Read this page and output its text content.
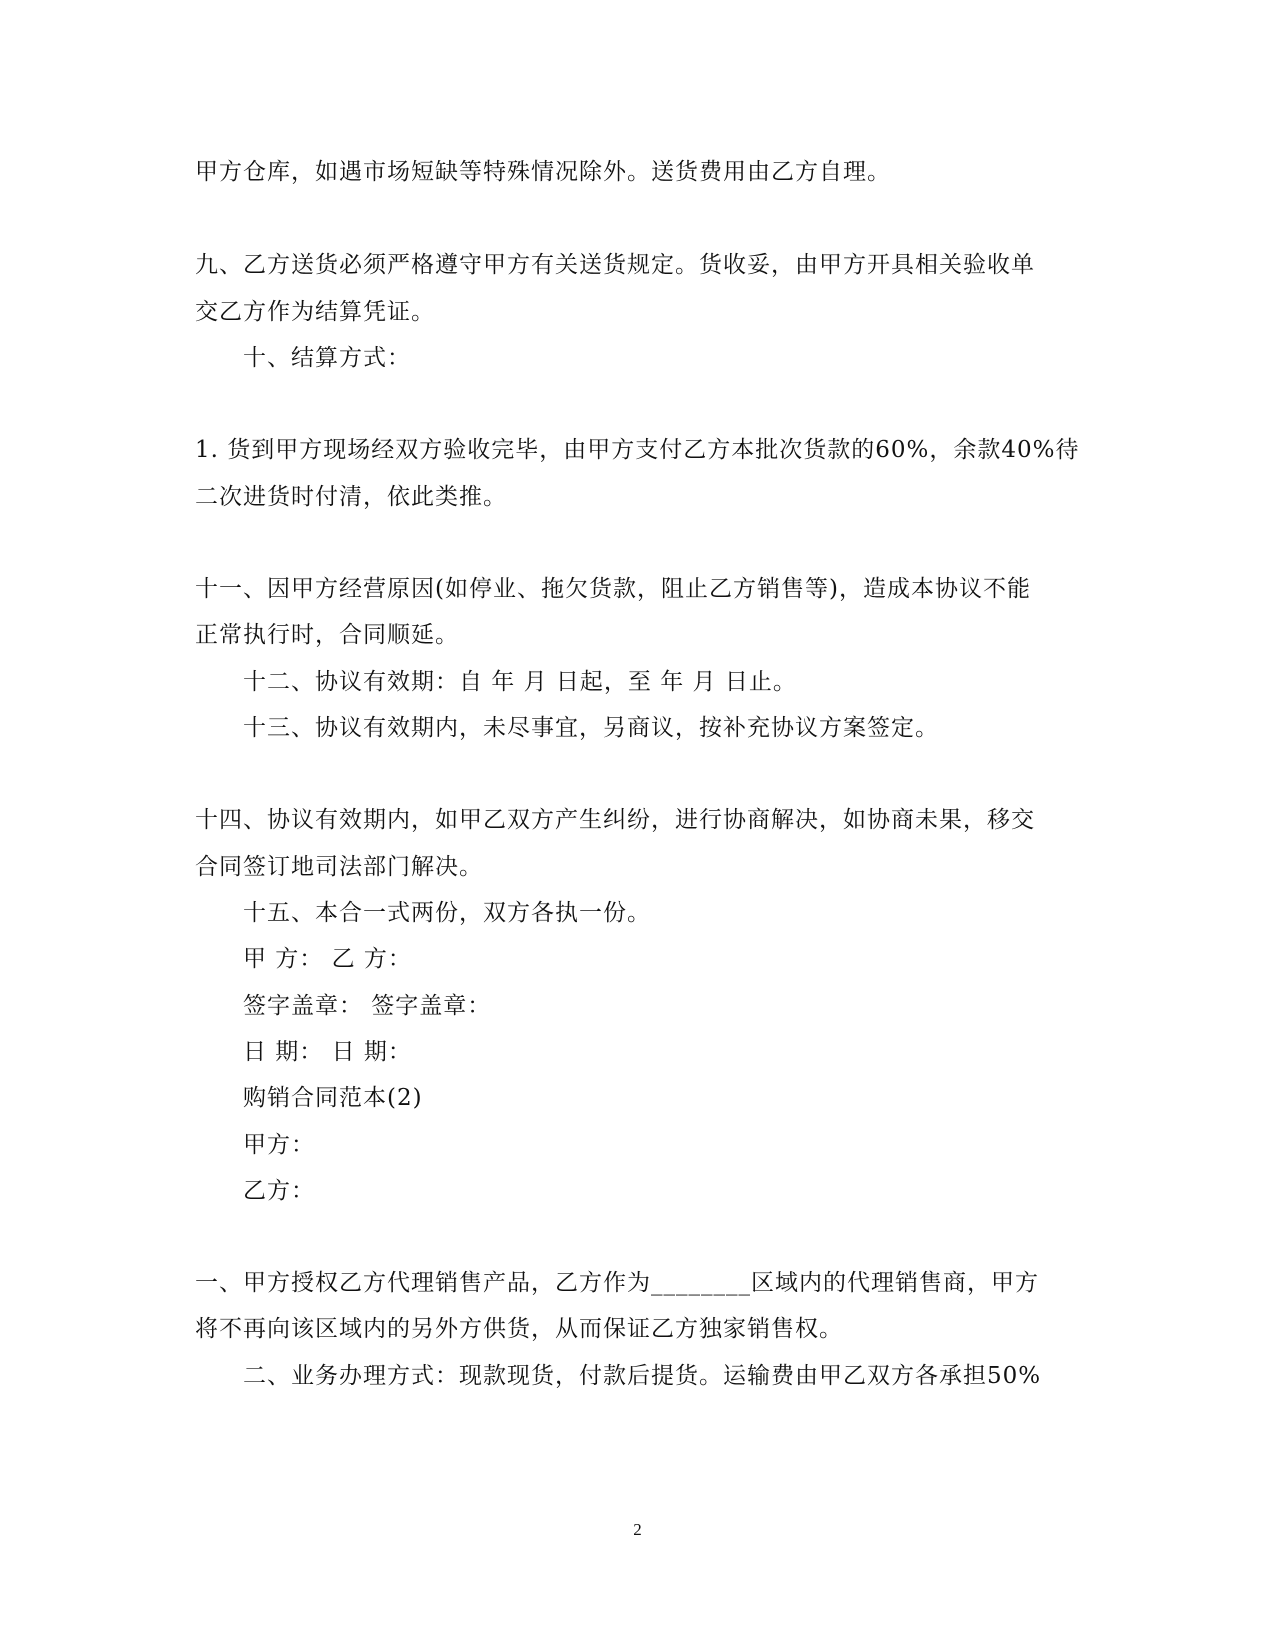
甲方仓库，如遇市场短缺等特殊情况除外。送货费用由乙方自理。
九、乙方送货必须严格遵守甲方有关送货规定。货收妥，由甲方开具相关验收单
交乙方作为结算凭证。
十、结算方式：
1. 货到甲方现场经双方验收完毕，由甲方支付乙方本批次货款的60%，余款40%待
二次进货时付清，依此类推。
十一、因甲方经营原因(如停业、拖欠货款，阻止乙方销售等)，造成本协议不能
正常执行时，合同顺延。
十二、协议有效期：自 年 月 日起，至 年 月 日止。
十三、协议有效期内，未尽事宜，另商议，按补充协议方案签定。
十四、协议有效期内，如甲乙双方产生纠纷，进行协商解决，如协商未果，移交
合同签订地司法部门解决。
十五、本合一式两份，双方各执一份。
甲 方： 乙 方：
签字盖章： 签字盖章：
日 期： 日 期：
购销合同范本(2)
甲方：
乙方：
一、甲方授权乙方代理销售产品，乙方作为________区域内的代理销售商，甲方
将不再向该区域内的另外方供货，从而保证乙方独家销售权。
二、业务办理方式：现款现货，付款后提货。运输费由甲乙双方各承担50%
2
